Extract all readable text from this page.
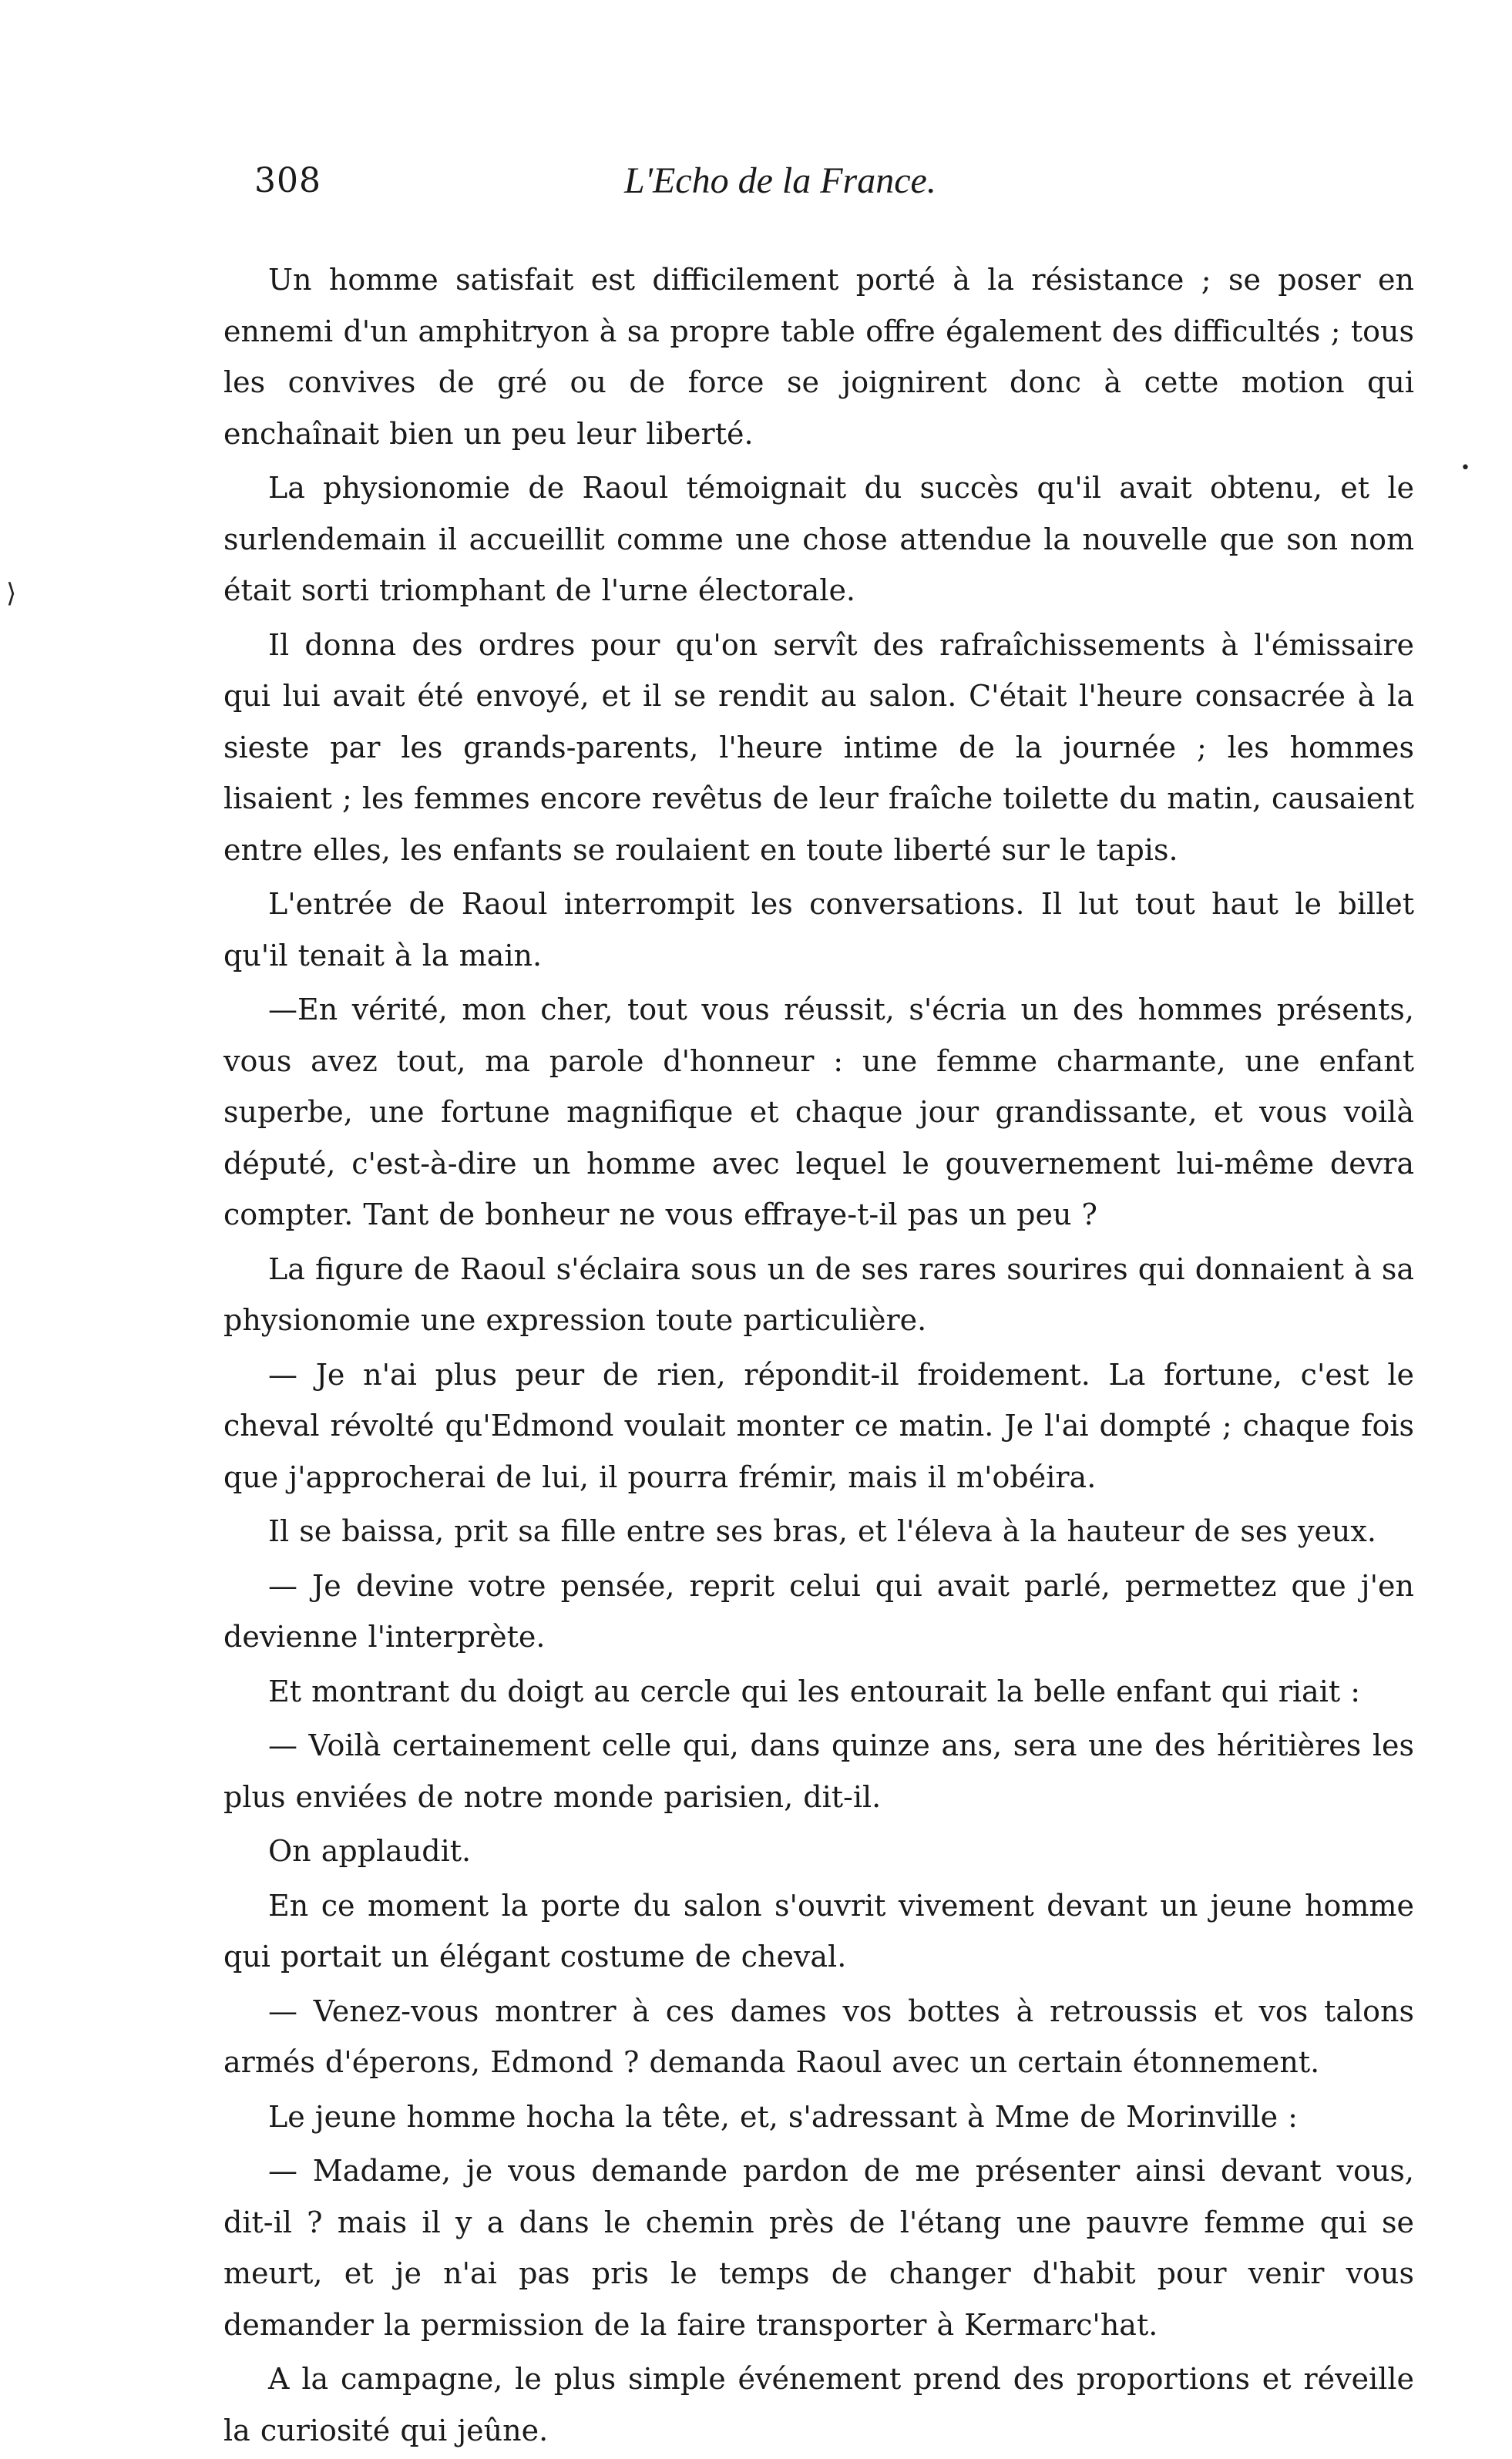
308	L'Echo de la France.

Un homme satisfait est difficilement porté à la résistance ; se poser en ennemi d'un amphitryon à sa propre table offre également des difficultés ; tous les convives de gré ou de force se joignirent donc à cette motion qui enchaînait bien un peu leur liberté.

La physionomie de Raoul témoignait du succès qu'il avait obtenu, et le surlendemain il accueillit comme une chose attendue la nouvelle que son nom était sorti triomphant de l'urne électorale.

Il donna des ordres pour qu'on servît des rafraîchissements à l'émissaire qui lui avait été envoyé, et il se rendit au salon. C'était l'heure consacrée à la sieste par les grands-parents, l'heure intime de la journée ; les hommes lisaient ; les femmes encore revêtus de leur fraîche toilette du matin, causaient entre elles, les enfants se roulaient en toute liberté sur le tapis.

L'entrée de Raoul interrompit les conversations. Il lut tout haut le billet qu'il tenait à la main.

—En vérité, mon cher, tout vous réussit, s'écria un des hommes présents, vous avez tout, ma parole d'honneur : une femme charmante, une enfant superbe, une fortune magnifique et chaque jour grandissante, et vous voilà député, c'est-à-dire un homme avec lequel le gouvernement lui-même devra compter. Tant de bonheur ne vous effraye-t-il pas un peu ?

La figure de Raoul s'éclaira sous un de ses rares sourires qui donnaient à sa physionomie une expression toute particulière.

— Je n'ai plus peur de rien, répondit-il froidement. La fortune, c'est le cheval révolté qu'Edmond voulait monter ce matin. Je l'ai dompté ; chaque fois que j'approcherai de lui, il pourra frémir, mais il m'obéira.

Il se baissa, prit sa fille entre ses bras, et l'éleva à la hauteur de ses yeux.

— Je devine votre pensée, reprit celui qui avait parlé, permettez que j'en devienne l'interprète.

Et montrant du doigt au cercle qui les entourait la belle enfant qui riait :

— Voilà certainement celle qui, dans quinze ans, sera une des héritières les plus enviées de notre monde parisien, dit-il.

On applaudit.

En ce moment la porte du salon s'ouvrit vivement devant un jeune homme qui portait un élégant costume de cheval.

— Venez-vous montrer à ces dames vos bottes à retroussis et vos talons armés d'éperons, Edmond ? demanda Raoul avec un certain étonnement.

Le jeune homme hocha la tête, et, s'adressant à Mme de Morinville :

— Madame, je vous demande pardon de me présenter ainsi devant vous, dit-il ? mais il y a dans le chemin près de l'étang une pauvre femme qui se meurt, et je n'ai pas pris le temps de changer d'habit pour venir vous demander la permission de la faire transporter à Kermarc'hat.

A la campagne, le plus simple événement prend des proportions et réveille la curiosité qui jeûne.

⟩
•
